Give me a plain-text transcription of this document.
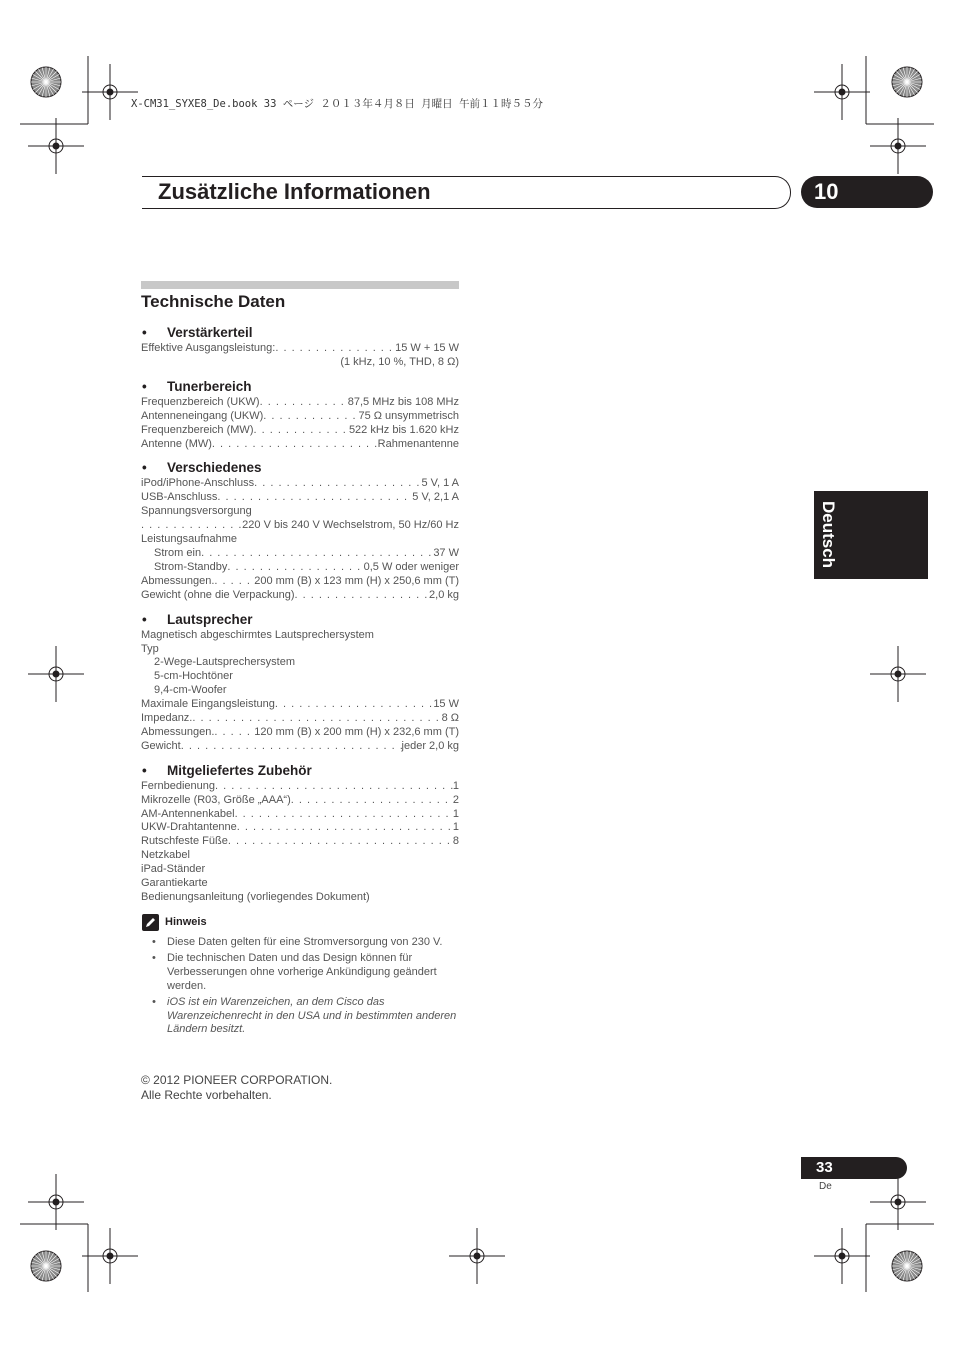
X-CM31_SYXE8_De.book 33 ページ ２０１３年４月８日 月曜日 午前１１時５５分
Zusätzliche Informationen	10
Deutsch
Technische Daten
• Verstärkerteil
Effektive Ausgangsleistung: . . .	15 W + 15 W
(1 kHz, 10 %, THD, 8 Ω)
• Tunerbereich
Frequenzbereich (UKW) . . .	87,5 MHz bis 108 MHz
Antenneneingang (UKW) . . .	75 Ω unsymmetrisch
Frequenzbereich (MW) . . .	522 kHz bis 1.620 kHz
Antenne (MW) . . .	Rahmenantenne
• Verschiedenes
iPod/iPhone-Anschluss . . .	5 V, 1 A
USB-Anschluss . . .	5 V, 2,1 A
Spannungsversorgung
. . .
220 V bis 240 V Wechselstrom, 50 Hz/60 Hz
Leistungsaufnahme
Strom ein . . .	37 W
Strom-Standby . . .	0,5 W oder weniger
Abmessungen. . . .	200 mm (B) x 123 mm (H) x 250,6 mm (T)
Gewicht (ohne die Verpackung) . . .	2,0 kg
• Lautsprecher
Magnetisch abgeschirmtes Lautsprechersystem
Typ
2-Wege-Lautsprechersystem
5-cm-Hochtöner
9,4-cm-Woofer
Maximale Eingangsleistung . . .	15 W
Impedanz. . . .	8 Ω
Abmessungen. . . .	120 mm (B) x 200 mm (H) x 232,6 mm (T)
Gewicht . . .	jeder 2,0 kg
• Mitgeliefertes Zubehör
Fernbedienung . . .	1
Mikrozelle (R03, Größe „AAA“) . . .	2
AM-Antennenkabel . . .	1
UKW-Drahtantenne . . .	1
Rutschfeste Füße . . .	8
Netzkabel
iPad-Ständer
Garantiekarte
Bedienungsanleitung (vorliegendes Dokument)
Hinweis
• Diese Daten gelten für eine Stromversorgung von 230 V.
• Die technischen Daten und das Design können für Verbesserungen ohne vorherige Ankündigung geändert werden.
• iOS ist ein Warenzeichen, an dem Cisco das Warenzeichenrecht in den USA und in bestimmten anderen Ländern besitzt.
© 2012 PIONEER CORPORATION.
Alle Rechte vorbehalten.
33
De
